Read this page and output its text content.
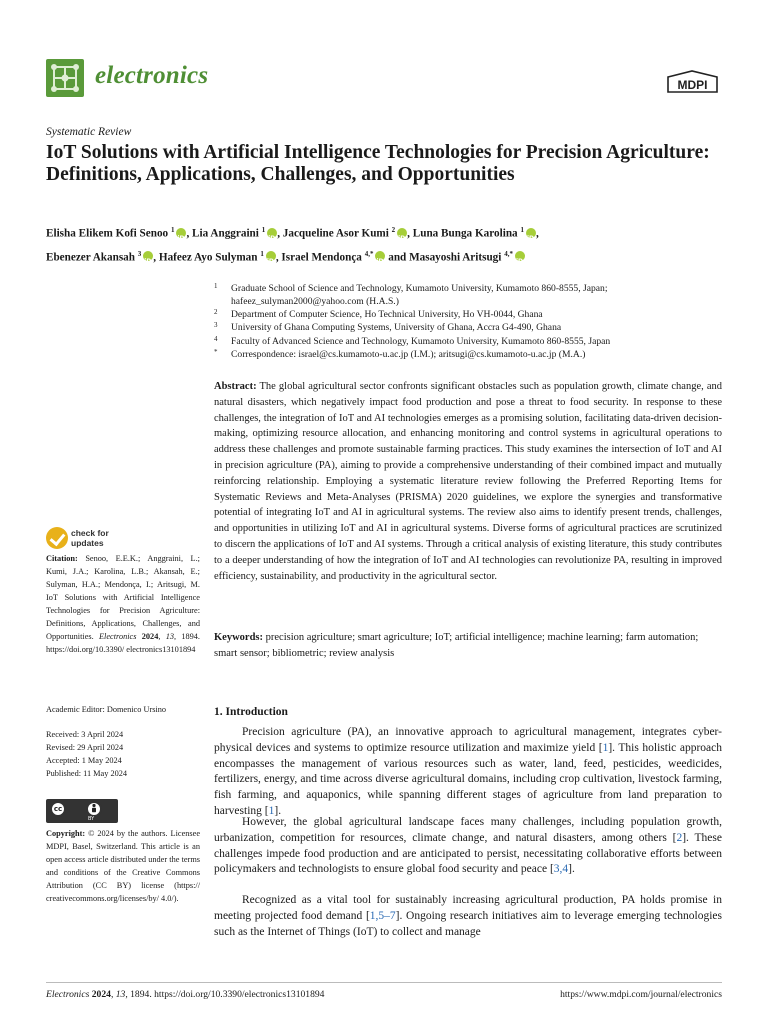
electronics	MDPI
Systematic Review
IoT Solutions with Artificial Intelligence Technologies for Precision Agriculture: Definitions, Applications, Challenges, and Opportunities
Elisha Elikem Kofi Senoo $^1$ iD , Lia Anggraini $^1$ iD , Jacqueline Asor Kumi $^2$ iD , Luna Bunga Karolina $^1$ iD ,
Ebenezer Akansah $^3$ iD , Hafeez Ayo Sulyman $^1$ iD , Israel Mendonça $^{4,*}$iD and Masayoshi Aritsugi $^{4,*}$iD
1	Graduate School of Science and Technology, Kumamoto University, Kumamoto 860-8555, Japan; hafeez_sulyman2000@yahoo.com (H.A.S.)
2	Department of Computer Science, Ho Technical University, Ho VH-0044, Ghana
3	University of Ghana Computing Systems, University of Ghana, Accra G4-490, Ghana
4	Faculty of Advanced Science and Technology, Kumamoto University, Kumamoto 860-8555, Japan
*	Correspondence: israel@cs.kumamoto-u.ac.jp (I.M.); aritsugi@cs.kumamoto-u.ac.jp (M.A.)
Abstract: The global agricultural sector confronts significant obstacles such as population growth, climate change, and natural disasters, which negatively impact food production and pose a threat to food security. In response to these challenges, the integration of IoT and AI technologies emerges as a promising solution, facilitating data-driven decision-making, optimizing resource allocation, and enhancing monitoring and control systems in agricultural operations to address these challenges and promote sustainable farming practices. This study examines the intersection of IoT and AI in precision agriculture (PA), aiming to provide a comprehensive understanding of their combined impact and mutually reinforcing relationship. Employing a systematic literature review following the Preferred Reporting Items for Systematic Reviews and Meta-Analyses (PRISMA) 2020 guidelines, we explore the synergies and transformative potential of integrating IoT and AI in agricultural systems. The review also aims to identify present trends, challenges, and opportunities in utilizing IoT and AI in agricultural systems. Diverse forms of agricultural practices are scrutinized to discern the applications of IoT and AI systems. Through a critical analysis of existing literature, this study contributes to a deeper understanding of how the integration of IoT and AI technologies can revolutionize PA, resulting in improved efficiency, sustainability, and productivity in the agricultural sector.
Keywords: precision agriculture; smart agriculture; IoT; artificial intelligence; machine learning; farm automation; smart sensor; bibliometric; review analysis
check for
updates
Citation: Senoo, E.E.K.; Anggraini, L.; Kumi, J.A.; Karolina, L.B.; Akansah, E.; Sulyman, H.A.; Mendonça, I.; Aritsugi, M. IoT Solutions with Artificial Intelligence Technologies for Precision Agriculture: Definitions, Applications, Challenges, and Opportunities. Electronics 2024, 13, 1894. https://doi.org/10.3390/ electronics13101894
Academic Editor: Domenico Ursino
Received: 3 April 2024
Revised: 29 April 2024
Accepted: 1 May 2024
Published: 11 May 2024
cc
BY
Copyright: © 2024 by the authors. Licensee MDPI, Basel, Switzerland. This article is an open access article distributed under the terms and conditions of the Creative Commons Attribution (CC BY) license (https:// creativecommons.org/licenses/by/ 4.0/).
1. Introduction
Precision agriculture (PA), an innovative approach to agricultural management, integrates cyber-physical devices and systems to optimize resource utilization and maximize yield [1]. This holistic approach encompasses the management of various resources such as water, land, feed, pesticides, weedicides, fertilizers, energy, and time across diverse agricultural domains, including crop cultivation, livestock farming, fish farming, and aquaponics, while spanning different stages of agriculture from land preparation to harvesting [1].
However, the global agricultural landscape faces many challenges, including population growth, urbanization, competition for resources, climate change, and natural disasters, among others [2]. These challenges impede food production and are anticipated to persist, necessitating collaborative efforts between policymakers and technologists to ensure global food security and peace [3,4].
Recognized as a vital tool for sustainably increasing agricultural production, PA holds promise in meeting projected food demand [1,5–7]. Ongoing research initiatives aim to leverage emerging technologies such as the Internet of Things (IoT) to collect and manage
Electronics 2024, 13, 1894. https://doi.org/10.3390/electronics13101894	https://www.mdpi.com/journal/electronics
